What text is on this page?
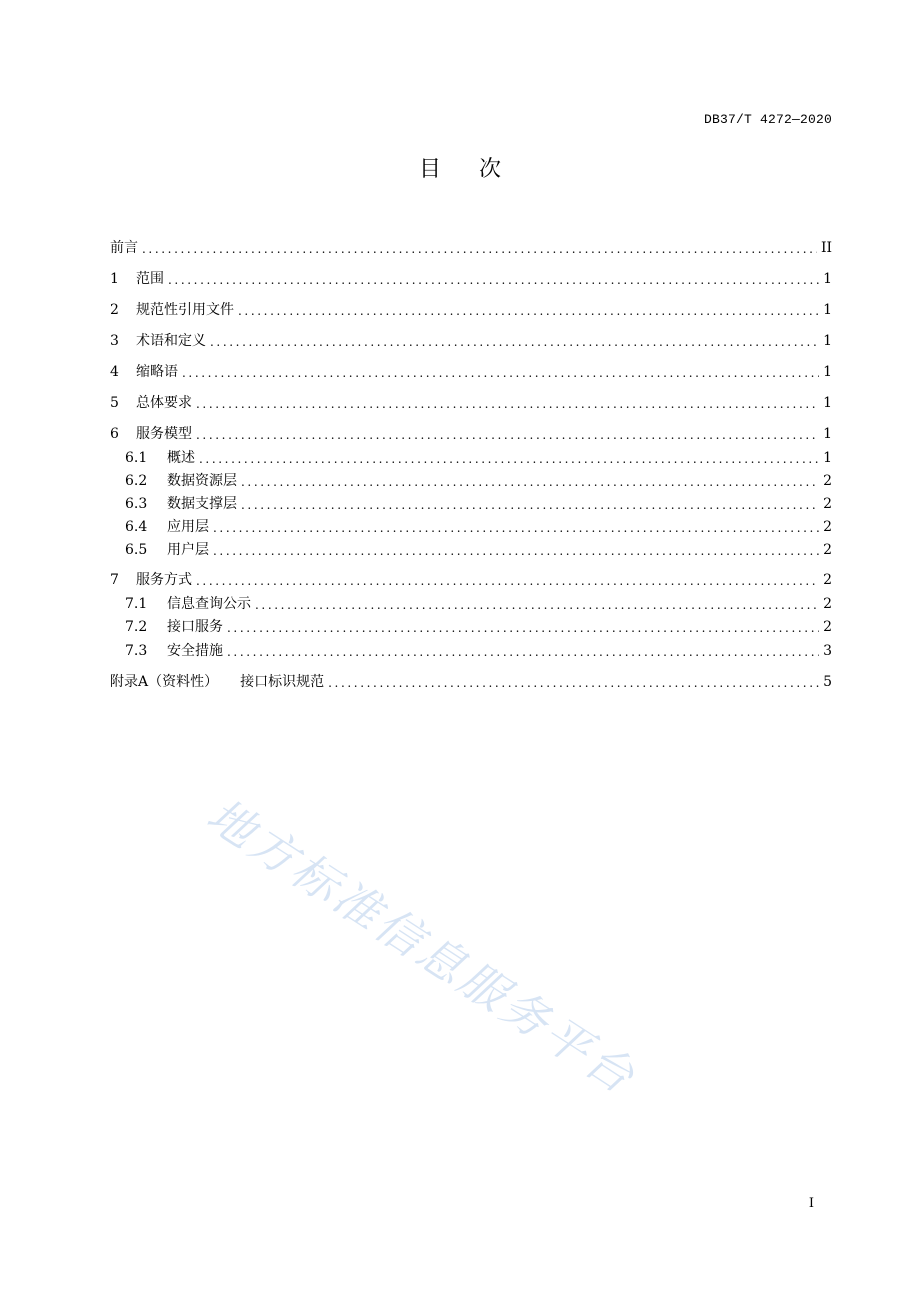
DB37/T 4272—2020
目次
前言 .....	II
1	范围 .....	1
2	规范性引用文件 .....	1
3	术语和定义 .....	1
4	缩略语 .....	1
5	总体要求 .....	1
6	服务模型 .....	1
6.1	概述 .....	1
6.2	数据资源层 .....	2
6.3	数据支撑层 .....	2
6.4	应用层 .....	2
6.5	用户层 .....	2
7	服务方式 .....	2
7.1	信息查询公示 .....	2
7.2	接口服务 .....	2
7.3	安全措施 .....	3
附录A（资料性） 接口标识规范 .....	5
地方标准信息服务平台
I
